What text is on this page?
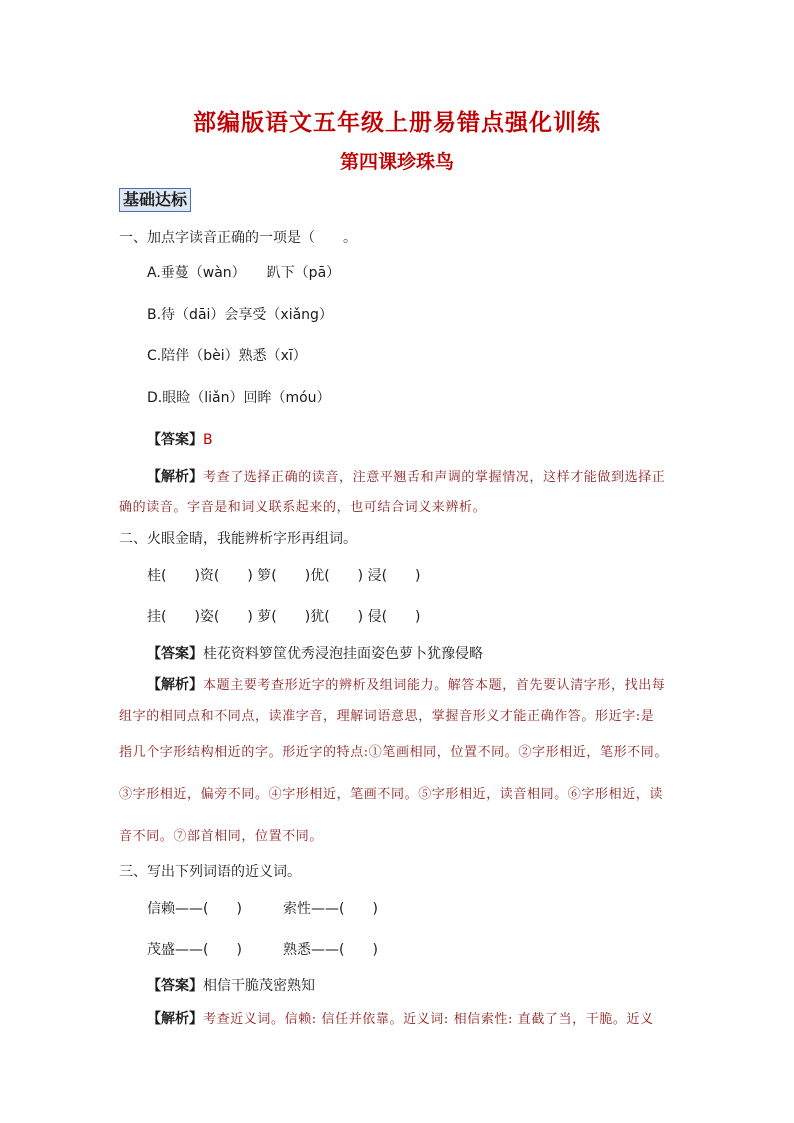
部编版语文五年级上册易错点强化训练
第四课珍珠鸟
基础达标
一、加点字读音正确的一项是（　　。
A.垂蔓（wàn）　　趴下（pā）
B.待（dāi）会享受（xiǎng）
C.陪伴（bèi）熟悉（xī）
D.眼睑（liǎn）回眸（móu）
【答案】B
【解析】考查了选择正确的读音，注意平翘舌和声调的掌握情况，这样才能做到选择正
确的读音。字音是和词义联系起来的，也可结合词义来辨析。
二、火眼金睛，我能辨析字形再组词。
桂(　　)资(　　) 箩(　　)优(　　) 浸(　　)
挂(　　)姿(　　) 萝(　　)犹(　　) 侵(　　)
【答案】桂花资料箩筐优秀浸泡挂面姿色萝卜犹豫侵略
【解析】本题主要考查形近字的辨析及组词能力。解答本题，首先要认清字形，找出每
组字的相同点和不同点，读准字音，理解词语意思，掌握音形义才能正确作答。形近字:是
指几个字形结构相近的字。形近字的特点:①笔画相同，位置不同。②字形相近，笔形不同。
③字形相近，偏旁不同。④字形相近，笔画不同。⑤字形相近，读音相同。⑥字形相近，读
音不同。⑦部首相同，位置不同。
三、写出下列词语的近义词。
信赖——(　　)	索性——(　　)
茂盛——(　　)	熟悉——(　　)
【答案】相信干脆茂密熟知
【解析】考查近义词。信赖: 信任并依靠。近义词: 相信索性: 直截了当，干脆。近义
